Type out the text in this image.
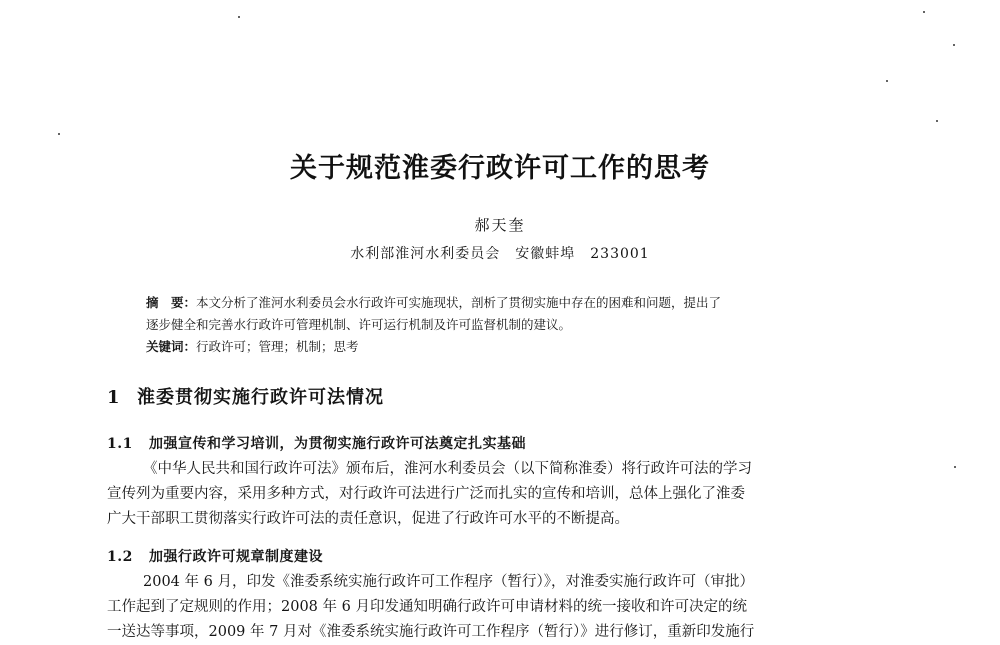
关于规范淮委行政许可工作的思考
郝天奎
水利部淮河水利委员会　安徽蚌埠　233001
摘　要：本文分析了淮河水利委员会水行政许可实施现状，剖析了贯彻实施中存在的困难和问题，提出了
逐步健全和完善水行政许可管理机制、许可运行机制及许可监督机制的建议。
关键词：行政许可；管理；机制；思考
1 淮委贯彻实施行政许可法情况
1.1 加强宣传和学习培训，为贯彻实施行政许可法奠定扎实基础
《中华人民共和国行政许可法》颁布后，淮河水利委员会（以下简称淮委）将行政许可法的学习
宣传列为重要内容，采用多种方式，对行政许可法进行广泛而扎实的宣传和培训，总体上强化了淮委
广大干部职工贯彻落实行政许可法的责任意识，促进了行政许可水平的不断提高。
1.2 加强行政许可规章制度建设
2004 年 6 月，印发《淮委系统实施行政许可工作程序（暂行）》，对淮委实施行政许可（审批）
工作起到了定规则的作用；2008 年 6 月印发通知明确行政许可申请材料的统一接收和许可决定的统
一送达等事项，2009 年 7 月对《淮委系统实施行政许可工作程序（暂行）》进行修订，重新印发施行
